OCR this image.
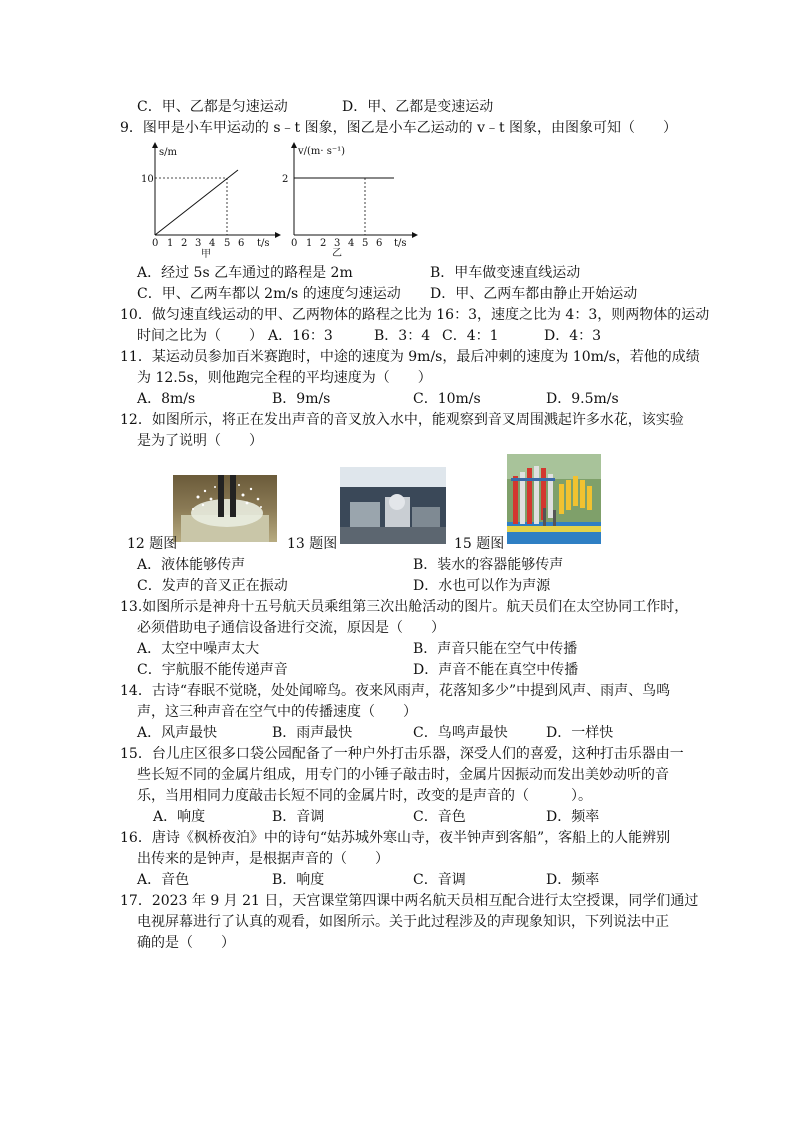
C．甲、乙都是匀速运动	D．甲、乙都是变速运动
9．图甲是小车甲运动的 s﹣t 图象，图乙是小车乙运动的 v﹣t 图象，由图象可知（　　）
s/m
10
0 1 2 3 4 5 6 t/s
甲
v/(m· s⁻¹)
2
0 1 2 3 4 5 6 t/s
乙
A．经过 5s 乙车通过的路程是 2m	B．甲车做变速直线运动
C．甲、乙两车都以 2m/s 的速度匀速运动 D．甲、乙两车都由静止开始运动
10．做匀速直线运动的甲、乙两物体的路程之比为 16：3，速度之比为 4：3，则两物体的运动
时间之比为（　　） A．16：3	B．3：4 C．4：1	D．4：3
11．某运动员参加百米赛跑时，中途的速度为 9m/s，最后冲刺的速度为 10m/s，若他的成绩
为 12.5s，则他跑完全程的平均速度为（　　）
A．8m/s	B．9m/s	C．10m/s	D．9.5m/s
12．如图所示，将正在发出声音的音叉放入水中，能观察到音叉周围溅起许多水花，该实验
是为了说明（　　）
12 题图	13 题图	15 题图
A．液体能够传声	B．装水的容器能够传声
C．发声的音叉正在振动	D．水也可以作为声源
13.如图所示是神舟十五号航天员乘组第三次出舱活动的图片。航天员们在太空协同工作时，
必须借助电子通信设备进行交流，原因是（　　）
A．太空中噪声太大	B．声音只能在空气中传播
C．宇航服不能传递声音	D．声音不能在真空中传播
14．古诗“春眠不觉晓，处处闻啼鸟。夜来风雨声，花落知多少”中提到风声、雨声、鸟鸣
声，这三种声音在空气中的传播速度（　　）
A．风声最快	B．雨声最快	C．鸟鸣声最快	D．一样快
15．台儿庄区很多口袋公园配备了一种户外打击乐器，深受人们的喜爱，这种打击乐器由一
些长短不同的金属片组成，用专门的小锤子敲击时，金属片因振动而发出美妙动听的音
乐，当用相同力度敲击长短不同的金属片时，改变的是声音的（　　　）。
A．响度	B．音调	C．音色	D．频率
16．唐诗《枫桥夜泊》中的诗句“姑苏城外寒山寺，夜半钟声到客船”，客船上的人能辨别
出传来的是钟声，是根据声音的（　　）
A．音色	B．响度	C．音调	D．频率
17．2023 年 9 月 21 日，天宫课堂第四课中两名航天员相互配合进行太空授课，同学们通过
电视屏幕进行了认真的观看，如图所示。关于此过程涉及的声现象知识，下列说法中正
确的是（　　）
